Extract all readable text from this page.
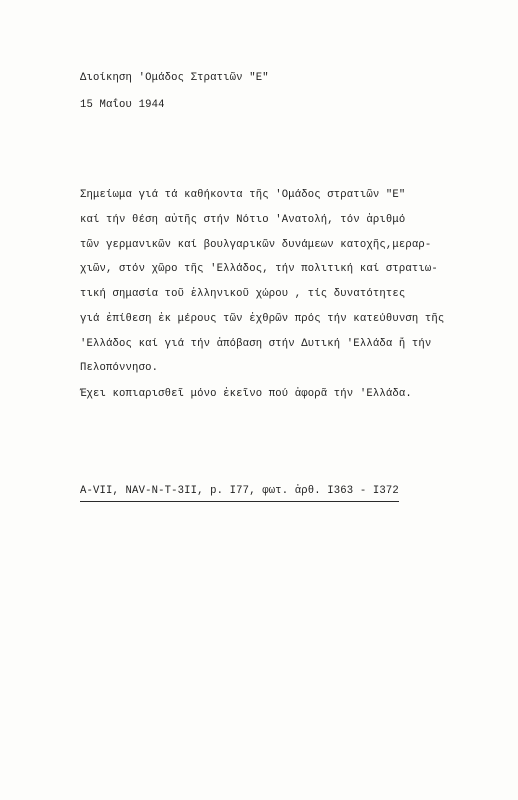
Διοίκηση 'Ομάδος Στρατιῶν "Ε"
15 Μαΐου 1944
Σημείωμα γιά τά καθήκοντα τῆς 'Ομάδος στρατιῶν "Ε"
καί τήν θέση αὐτῆς στήν Νότιο 'Ανατολή, τόν ἀριθμό
τῶν γερμανικῶν καί βουλγαρικῶν δυνάμεων κατοχῆς,μεραρ-
χιῶν, στόν χῶρο τῆς 'Ελλάδος, τήν πολιτική καί στρατιω-
τική σημασία τοῦ ἑλληνικοῦ χώρου , τίς δυνατότητες
γιά ἐπίθεση ἐκ μέρους τῶν ἐχθρῶν πρός τήν κατεύθυνση τῆς
'Ελλάδος καί γιά τήν ἀπόβαση στήν Δυτική 'Ελλάδα ἤ τήν
Πελοπόννησο.
Έχει κοπιαρισθεῖ μόνο ἐκεῖνο πού ἀφορᾶ τήν 'Ελλάδα.
A-VII, NAV-N-T-3II, p. I77, φωτ. ἀρθ. I363 - I372
